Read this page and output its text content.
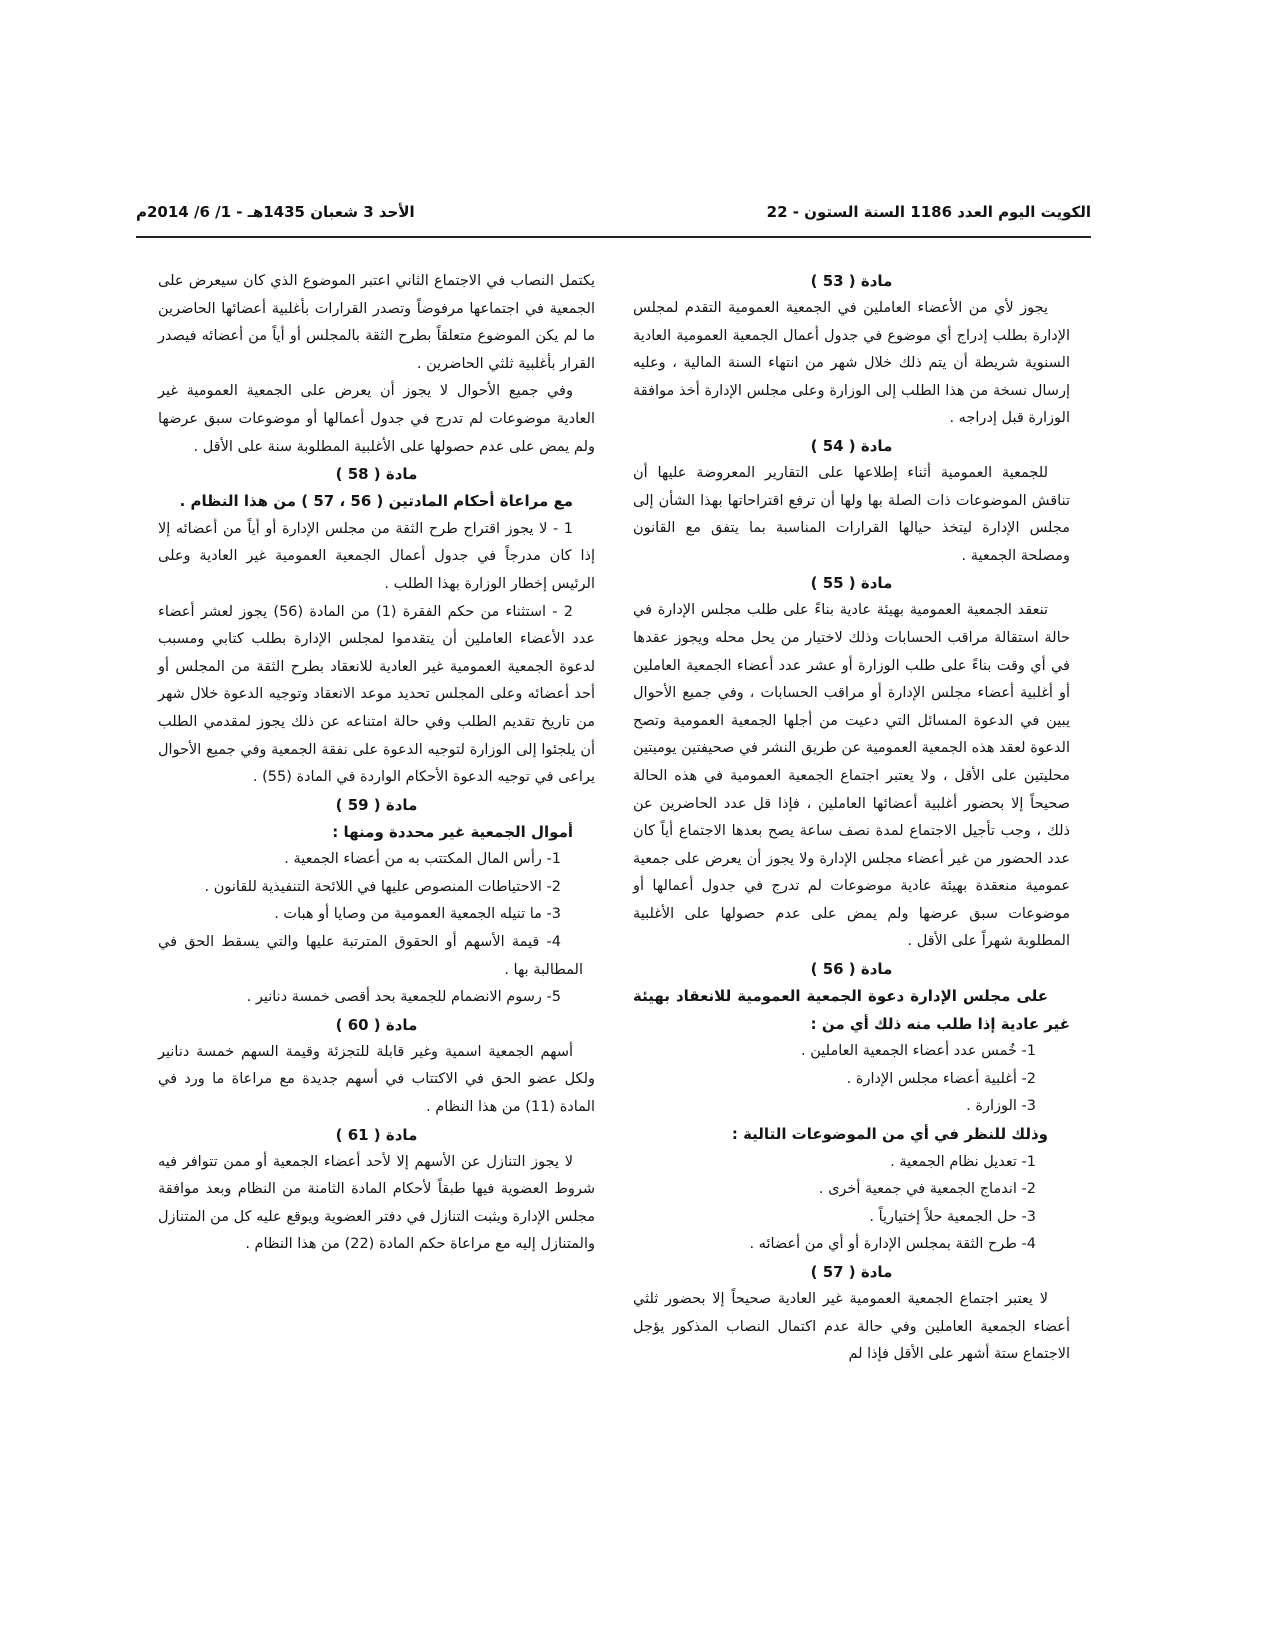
الكويت اليوم العدد 1186 السنة الستون - 22
الأحد 3 شعبان 1435هـ - 1/ 6/ 2014م
مادة ( 53 )

يجوز لأي من الأعضاء العاملين في الجمعية العمومية التقدم لمجلس الإدارة بطلب إدراج أي موضوع في جدول أعمال الجمعية العمومية العادية السنوية شريطة أن يتم ذلك خلال شهر من انتهاء السنة المالية ، وعليه إرسال نسخة من هذا الطلب إلى الوزارة وعلى مجلس الإدارة أخذ موافقة الوزارة قبل إدراجه .

مادة ( 54 )

للجمعية العمومية أثناء إطلاعها على التقارير المعروضة عليها أن تناقش الموضوعات ذات الصلة بها ولها أن ترفع اقتراحاتها بهذا الشأن إلى مجلس الإدارة ليتخذ حيالها القرارات المناسبة بما يتفق مع القانون ومصلحة الجمعية .

مادة ( 55 )

تنعقد الجمعية العمومية بهيئة عادية بناءً على طلب مجلس الإدارة في حالة استقالة مراقب الحسابات وذلك لاختيار من يحل محله ويجوز عقدها في أي وقت بناءً على طلب الوزارة أو عشر عدد أعضاء الجمعية العاملين أو أغلبية أعضاء مجلس الإدارة أو مراقب الحسابات ، وفي جميع الأحوال يبين في الدعوة المسائل التي دعيت من أجلها الجمعية العمومية وتصح الدعوة لعقد هذه الجمعية العمومية عن طريق النشر في صحيفتين يوميتين محليتين على الأقل ، ولا يعتبر اجتماع الجمعية العمومية في هذه الحالة صحيحاً إلا بحضور أغلبية أعضائها العاملين ، فإذا قل عدد الحاضرين عن ذلك ، وجب تأجيل الاجتماع لمدة نصف ساعة يصح بعدها الاجتماع أياً كان عدد الحضور من غير أعضاء مجلس الإدارة ولا يجوز أن يعرض على جمعية عمومية منعقدة بهيئة عادية موضوعات لم تدرج في جدول أعمالها أو موضوعات سبق عرضها ولم يمض على عدم حصولها على الأغلبية المطلوبة شهراً على الأقل .

مادة ( 56 )

على مجلس الإدارة دعوة الجمعية العمومية للانعقاد بهيئة غير عادية إذا طلب منه ذلك أي من :

1- خُمس عدد أعضاء الجمعية العاملين .

2- أغلبية أعضاء مجلس الإدارة .

3- الوزارة .

وذلك للنظر في أي من الموضوعات التالية :

1- تعديل نظام الجمعية .

2- اندماج الجمعية في جمعية أخرى .

3- حل الجمعية حلاً إختيارياً .

4- طرح الثقة بمجلس الإدارة أو أي من أعضائه .

مادة ( 57 )

لا يعتبر اجتماع الجمعية العمومية غير العادية صحيحاً إلا بحضور ثلثي أعضاء الجمعية العاملين وفي حالة عدم اكتمال النصاب المذكور يؤجل الاجتماع ستة أشهر على الأقل فإذا لم

يكتمل النصاب في الاجتماع الثاني اعتبر الموضوع الذي كان سيعرض على الجمعية في اجتماعها مرفوضاً وتصدر القرارات بأغلبية أعضائها الحاضرين ما لم يكن الموضوع متعلقاً بطرح الثقة بالمجلس أو أياً من أعضائه فيصدر القرار بأغلبية ثلثي الحاضرين .

وفي جميع الأحوال لا يجوز أن يعرض على الجمعية العمومية غير العادية موضوعات لم تدرج في جدول أعمالها أو موضوعات سبق عرضها ولم يمض على عدم حصولها على الأغلبية المطلوبة سنة على الأقل .

مادة ( 58 )

مع مراعاة أحكام المادتين ( 56 ، 57 ) من هذا النظام .

1 - لا يجوز اقتراح طرح الثقة من مجلس الإدارة أو أياً من أعضائه إلا إذا كان مدرجاً في جدول أعمال الجمعية العمومية غير العادية وعلى الرئيس إخطار الوزارة بهذا الطلب .

2 - استثناء من حكم الفقرة (1) من المادة (56) يجوز لعشر أعضاء عدد الأعضاء العاملين أن يتقدموا لمجلس الإدارة بطلب كتابي ومسبب لدعوة الجمعية العمومية غير العادية للانعقاد بطرح الثقة من المجلس أو أحد أعضائه وعلى المجلس تحديد موعد الانعقاد وتوجيه الدعوة خلال شهر من تاريخ تقديم الطلب وفي حالة امتناعه عن ذلك يجوز لمقدمي الطلب أن يلجئوا إلى الوزارة لتوجيه الدعوة على نفقة الجمعية وفي جميع الأحوال يراعى في توجيه الدعوة الأحكام الواردة في المادة (55) .

مادة ( 59 )

أموال الجمعية غير محددة ومنها :

1- رأس المال المكتتب به من أعضاء الجمعية .

2- الاحتياطات المنصوص عليها في اللائحة التنفيذية للقانون .

3- ما تنيله الجمعية العمومية من وصايا أو هبات .

4- قيمة الأسهم أو الحقوق المترتبة عليها والتي يسقط الحق في المطالبة بها .

5- رسوم الانضمام للجمعية بحد أقصى خمسة دنانير .

مادة ( 60 )

أسهم الجمعية اسمية وغير قابلة للتجزئة وقيمة السهم خمسة دنانير ولكل عضو الحق في الاكتتاب في أسهم جديدة مع مراعاة ما ورد في المادة (11) من هذا النظام .

مادة ( 61 )

لا يجوز التنازل عن الأسهم إلا لأحد أعضاء الجمعية أو ممن تتوافر فيه شروط العضوية فيها طبقاً لأحكام المادة الثامنة من النظام وبعد موافقة مجلس الإدارة ويثبت التنازل في دفتر العضوية ويوقع عليه كل من المتنازل والمتنازل إليه مع مراعاة حكم المادة (22) من هذا النظام .
